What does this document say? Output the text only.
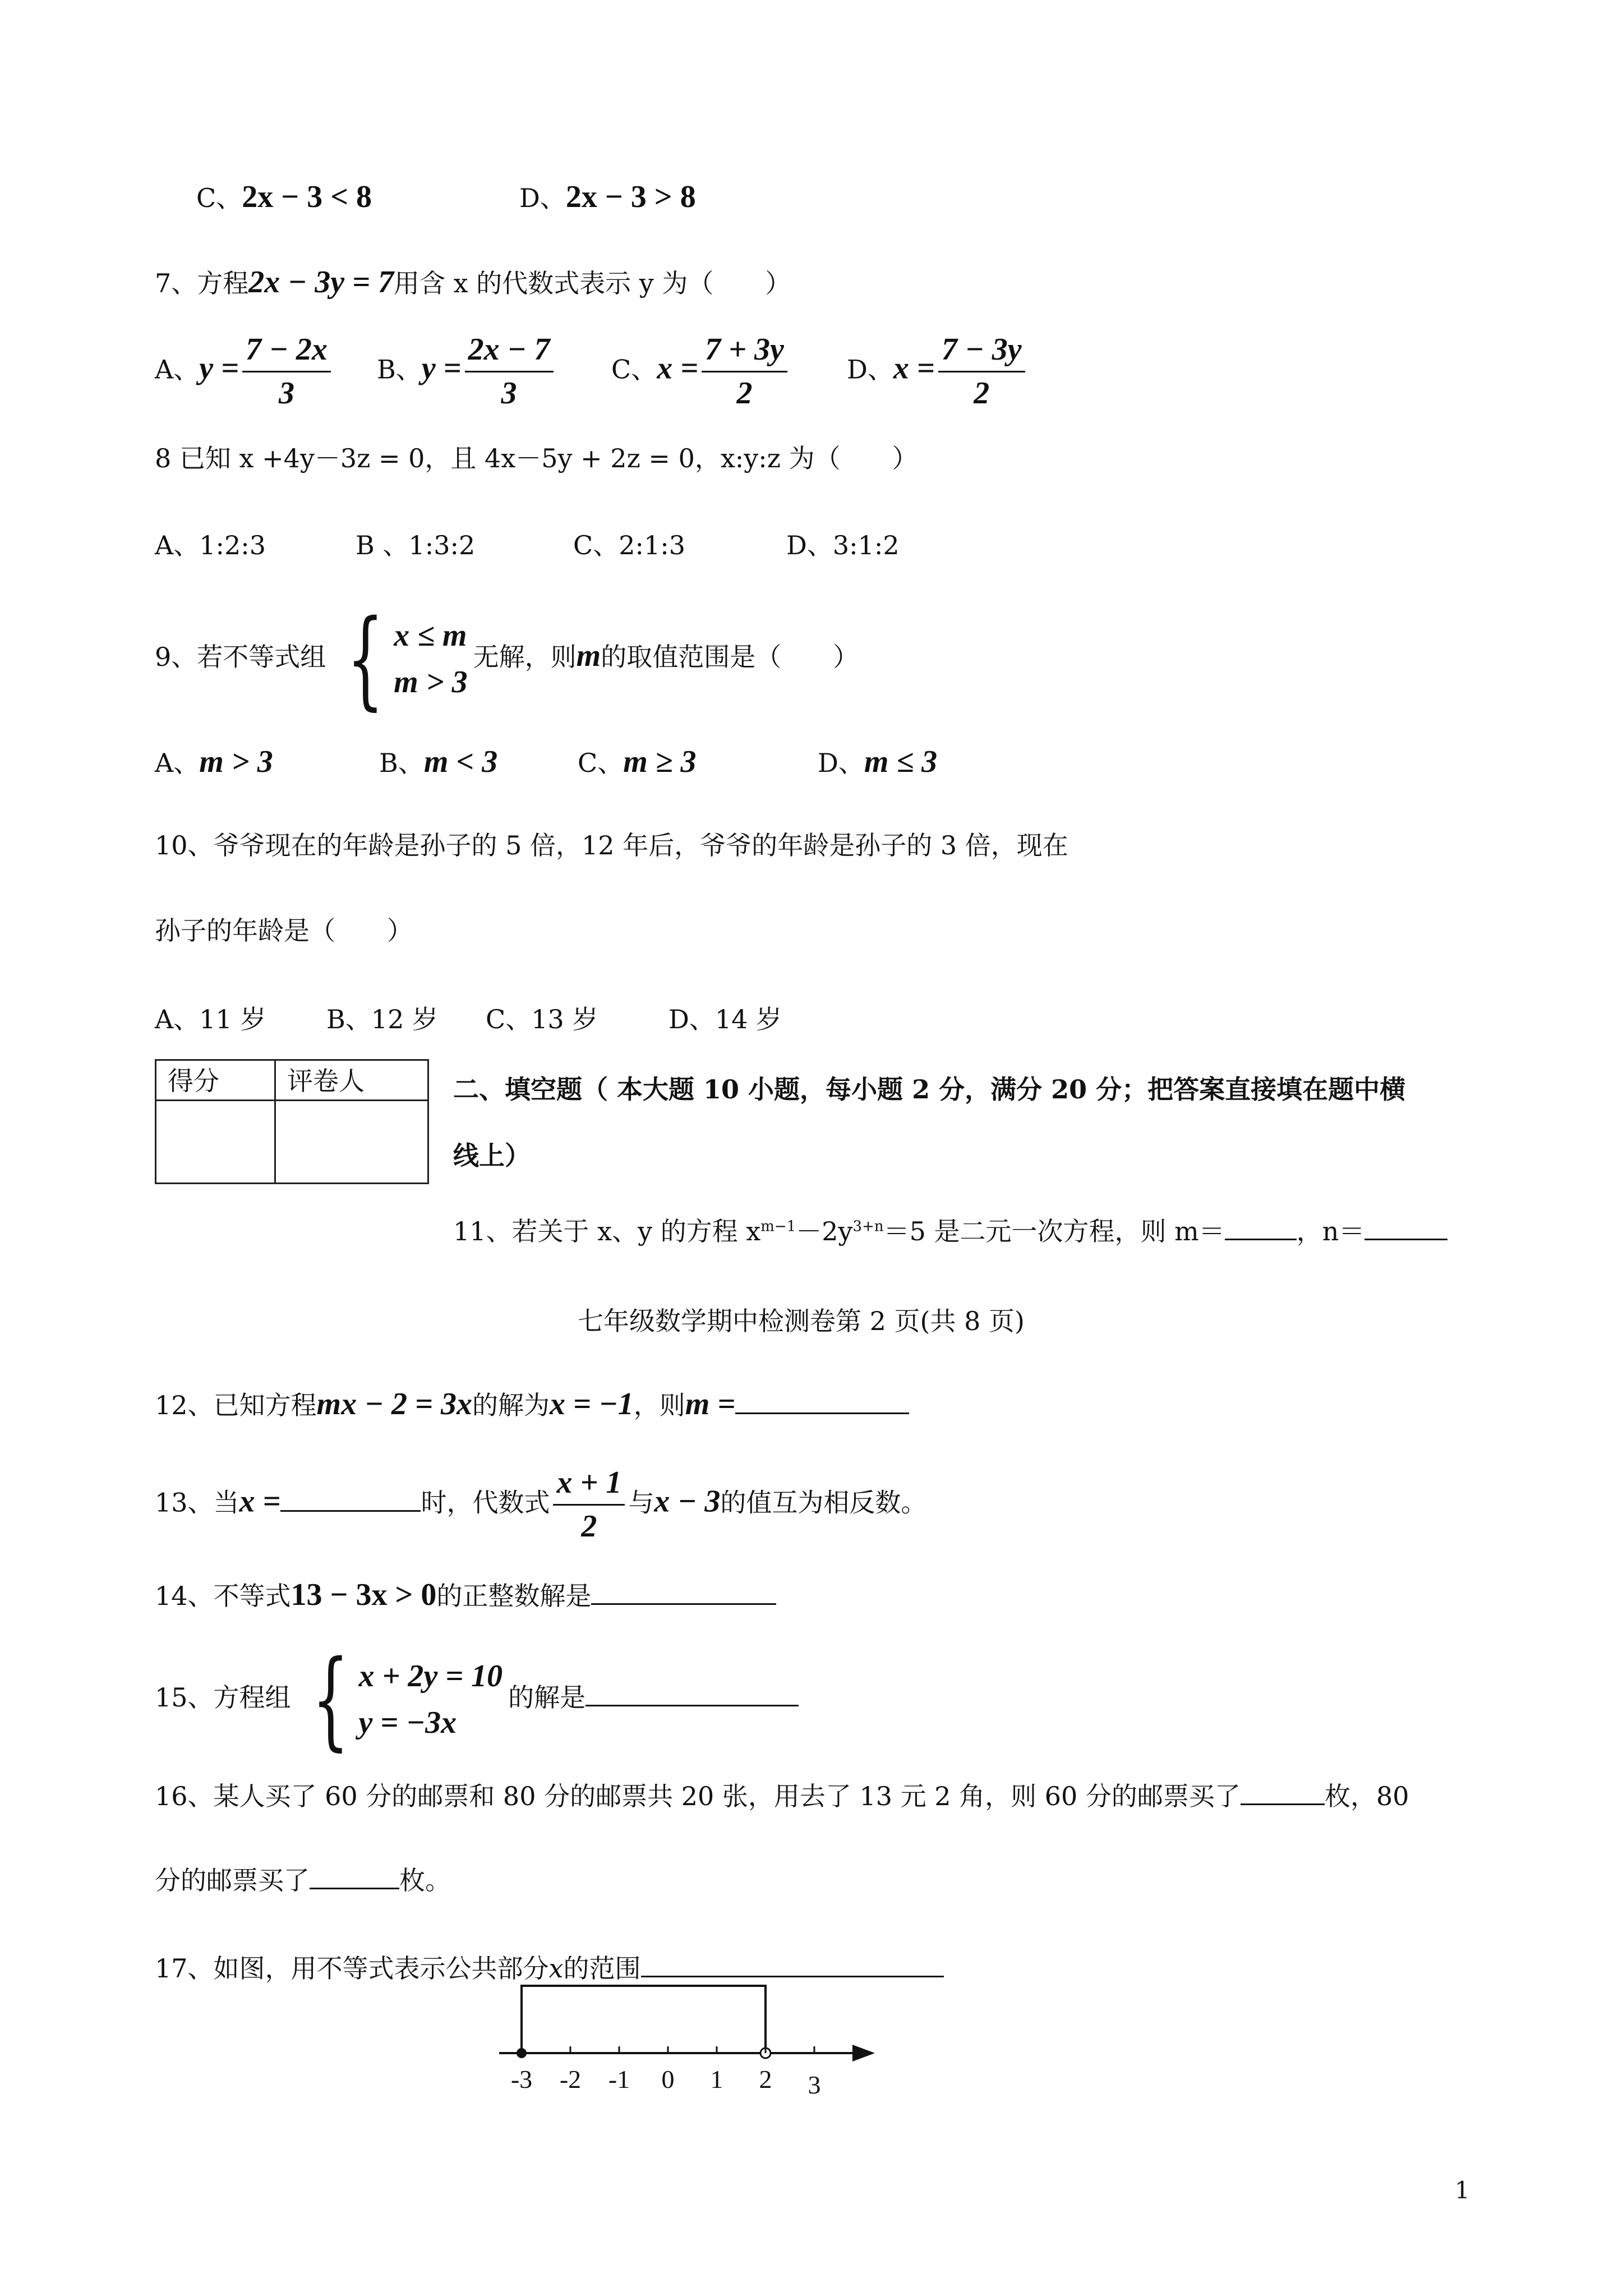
C、2x − 3 < 8	D、2x − 3 > 8
7、方程2x − 3y = 7用含 x 的代数式表示 y 为（　　）
A、$y = \frac{7 - 2x}{3}$ B、$y = \frac{2x - 7}{3}$ C、$x = \frac{7 + 3y}{2}$ D、$x = \frac{7 - 3y}{2}$
8 已知 x +4y－3z = 0，且 4x－5y + 2z = 0，x:y:z 为（　　）
A、1:2:3	B 、1:3:2	C、2:1:3	D、3:1:2
9、若不等式组 { x ≤ m
m > 3
无解，则m的取值范围是（　　）
A、m > 3	B、m < 3	C、m ≥ 3	D、m ≤ 3
10、爷爷现在的年龄是孙子的 5 倍，12 年后，爷爷的年龄是孙子的 3 倍，现在
孙子的年龄是（　　）
A、11 岁 B、12 岁 C、13 岁	D、14 岁
得分	评卷人
		二、填空题（ 本大题 10 小题，每小题 2 分，满分 20 分；把答案直接填在题中横
线上）
11、若关于 x、y 的方程 $x^{m-1}-2y^{3+n}=5$ 是二元一次方程，则 m＝	，n＝
七年级数学期中检测卷第 2 页(共 8 页)
12、已知方程mx − 2 = 3x的解为x = −1，则m =
13、当x =	时，代数式 $\frac{x + 1}{2}$ 与x − 3的值互为相反数。
14、不等式13 − 3x > 0的正整数解是
15、方程组 { x + 2y = 10
y = −3x
的解是
16、某人买了 60 分的邮票和 80 分的邮票共 20 张，用去了 13 元 2 角，则 60 分的邮票买了	枚，80
分的邮票买了	枚。
17、如图，用不等式表示公共部分x的范围
-3 -2 -1 0 1 2 3
1
